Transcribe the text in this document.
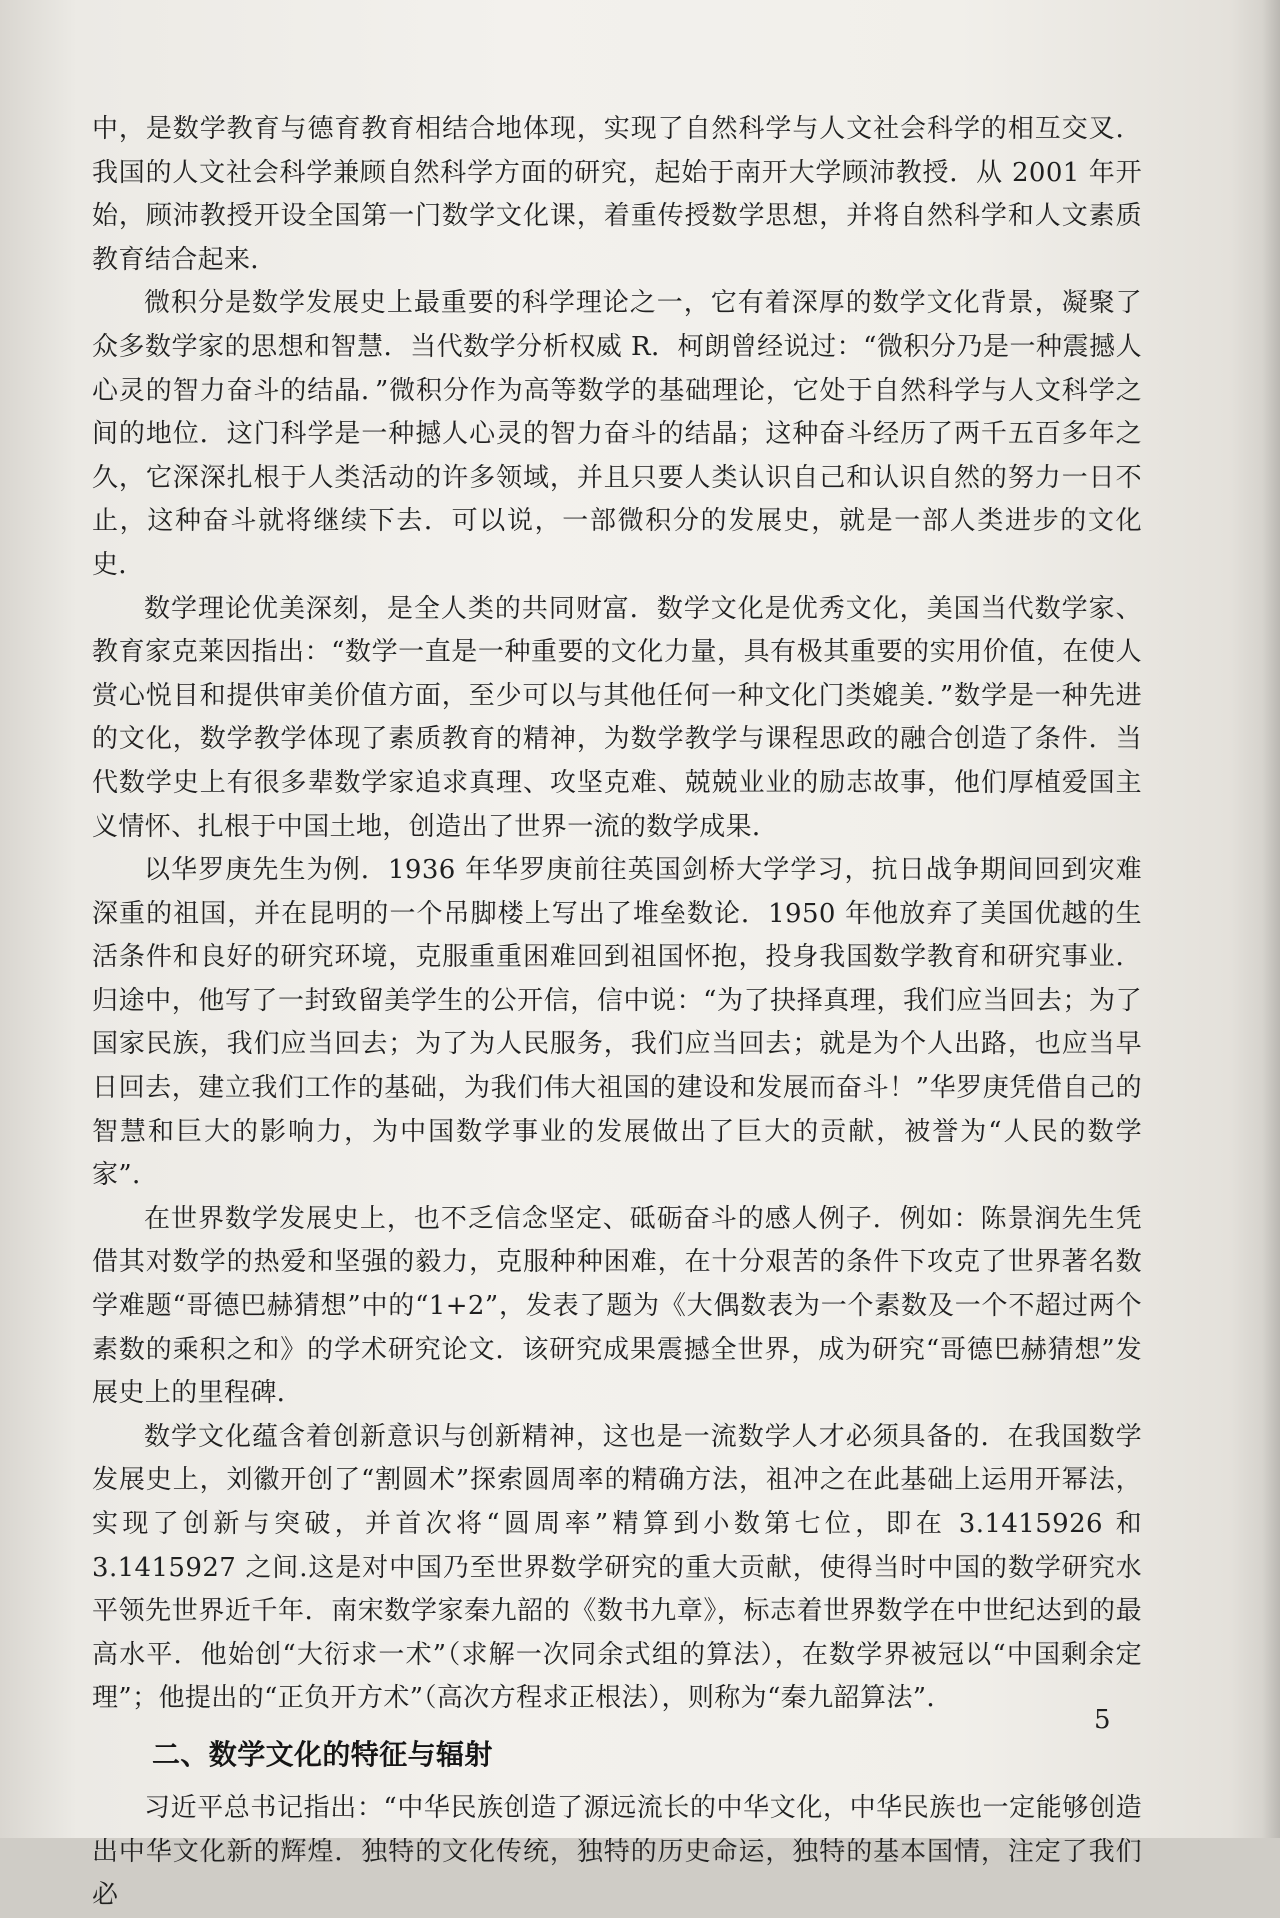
中，是数学教育与德育教育相结合地体现，实现了自然科学与人文社会科学的相互交叉．我国的人文社会科学兼顾自然科学方面的研究，起始于南开大学顾沛教授．从 2001 年开始，顾沛教授开设全国第一门数学文化课，着重传授数学思想，并将自然科学和人文素质教育结合起来．

微积分是数学发展史上最重要的科学理论之一，它有着深厚的数学文化背景，凝聚了众多数学家的思想和智慧．当代数学分析权威 R．柯朗曾经说过：“微积分乃是一种震撼人心灵的智力奋斗的结晶．”微积分作为高等数学的基础理论，它处于自然科学与人文科学之间的地位．这门科学是一种撼人心灵的智力奋斗的结晶；这种奋斗经历了两千五百多年之久，它深深扎根于人类活动的许多领域，并且只要人类认识自己和认识自然的努力一日不止，这种奋斗就将继续下去．可以说，一部微积分的发展史，就是一部人类进步的文化史．

数学理论优美深刻，是全人类的共同财富．数学文化是优秀文化，美国当代数学家、教育家克莱因指出：“数学一直是一种重要的文化力量，具有极其重要的实用价值，在使人赏心悦目和提供审美价值方面，至少可以与其他任何一种文化门类媲美．”数学是一种先进的文化，数学教学体现了素质教育的精神，为数学教学与课程思政的融合创造了条件．当代数学史上有很多辈数学家追求真理、攻坚克难、兢兢业业的励志故事，他们厚植爱国主义情怀、扎根于中国土地，创造出了世界一流的数学成果．

以华罗庚先生为例．1936 年华罗庚前往英国剑桥大学学习，抗日战争期间回到灾难深重的祖国，并在昆明的一个吊脚楼上写出了堆垒数论．1950 年他放弃了美国优越的生活条件和良好的研究环境，克服重重困难回到祖国怀抱，投身我国数学教育和研究事业．归途中，他写了一封致留美学生的公开信，信中说：“为了抉择真理，我们应当回去；为了国家民族，我们应当回去；为了为人民服务，我们应当回去；就是为个人出路，也应当早日回去，建立我们工作的基础，为我们伟大祖国的建设和发展而奋斗！”华罗庚凭借自己的智慧和巨大的影响力，为中国数学事业的发展做出了巨大的贡献，被誉为“人民的数学家”．

在世界数学发展史上，也不乏信念坚定、砥砺奋斗的感人例子．例如：陈景润先生凭借其对数学的热爱和坚强的毅力，克服种种困难，在十分艰苦的条件下攻克了世界著名数学难题“哥德巴赫猜想”中的“1+2”，发表了题为《大偶数表为一个素数及一个不超过两个素数的乘积之和》的学术研究论文．该研究成果震撼全世界，成为研究“哥德巴赫猜想”发展史上的里程碑．

数学文化蕴含着创新意识与创新精神，这也是一流数学人才必须具备的．在我国数学发展史上，刘徽开创了“割圆术”探索圆周率的精确方法，祖冲之在此基础上运用开幂法，实现了创新与突破，并首次将“圆周率”精算到小数第七位，即在 3.1415926 和 3.1415927 之间.这是对中国乃至世界数学研究的重大贡献，使得当时中国的数学研究水平领先世界近千年．南宋数学家秦九韶的《数书九章》，标志着世界数学在中世纪达到的最高水平．他始创“大衍求一术”（求解一次同余式组的算法），在数学界被冠以“中国剩余定理”；他提出的“正负开方术”（高次方程求正根法），则称为“秦九韶算法”．

二、数学文化的特征与辐射

习近平总书记指出：“中华民族创造了源远流长的中华文化，中华民族也一定能够创造出中华文化新的辉煌．独特的文化传统，独特的历史命运，独特的基本国情，注定了我们必

5
